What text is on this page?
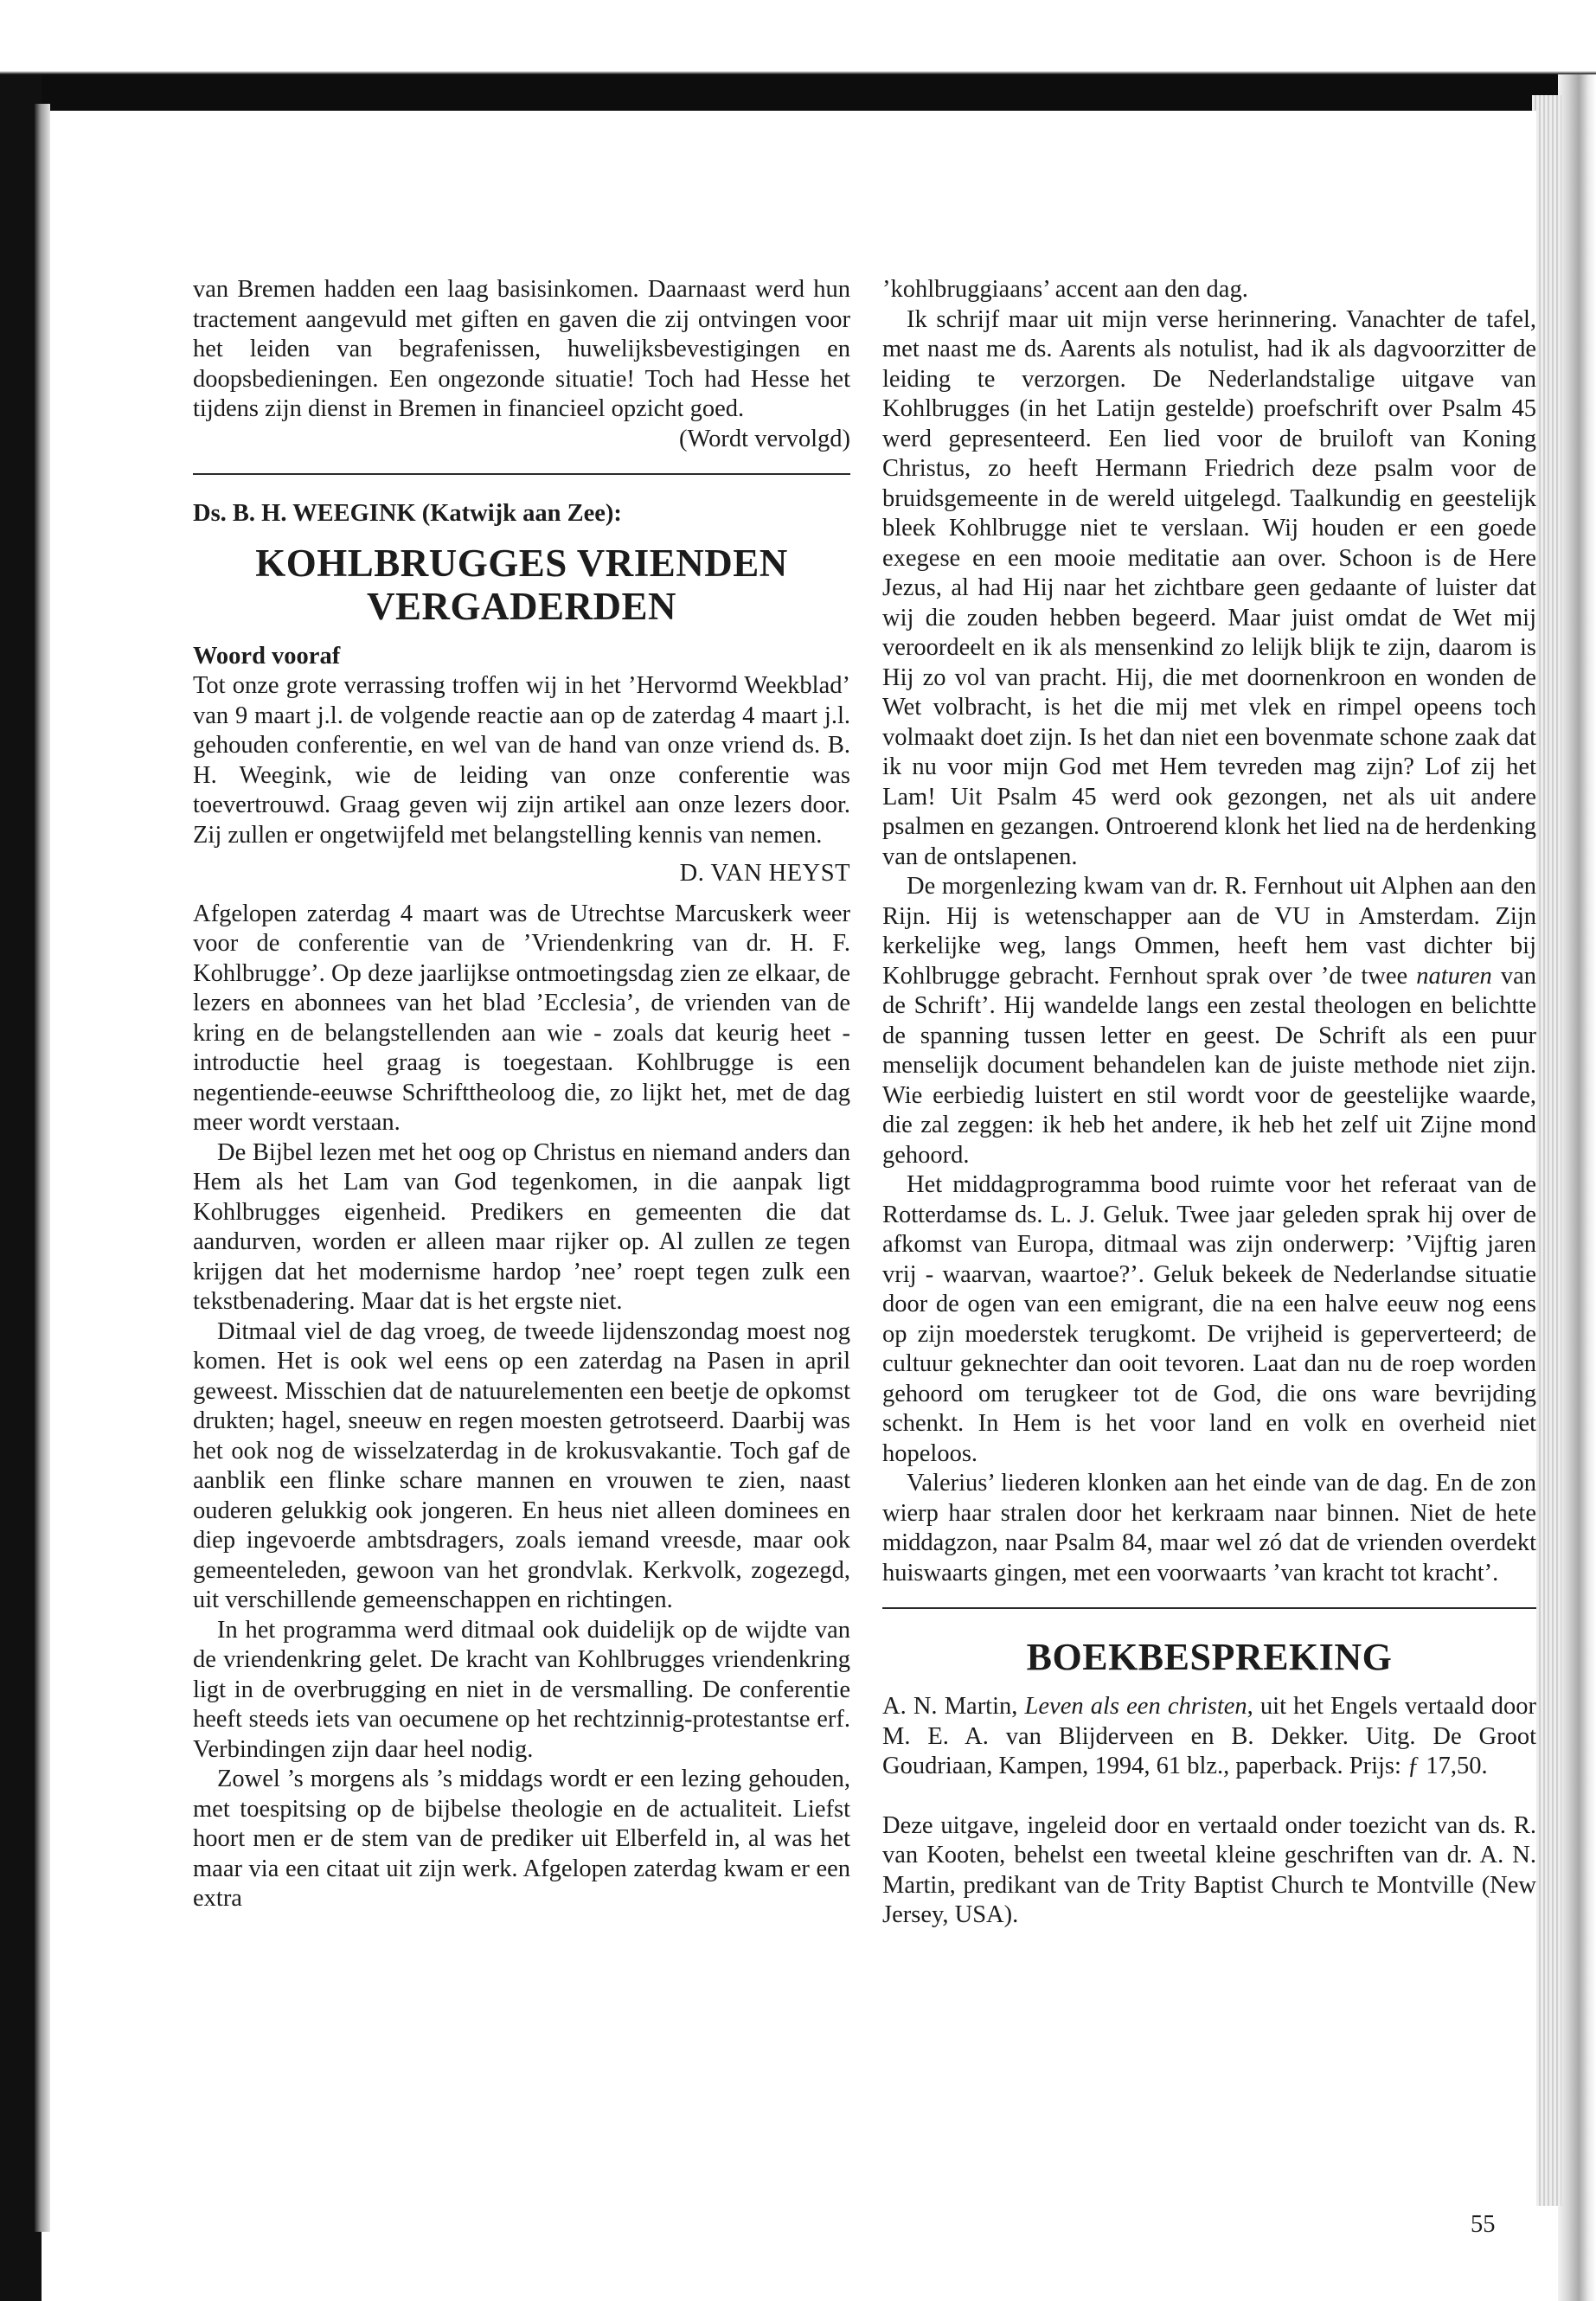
van Bremen hadden een laag basisinkomen. Daarnaast werd hun tractement aangevuld met giften en gaven die zij ontvingen voor het leiden van begrafenissen, huwelijksbevestigingen en doopsbedieningen. Een ongezonde situatie! Toch had Hesse het tijdens zijn dienst in Bremen in financieel opzicht goed.

(Wordt vervolgd)

Ds. B. H. WEEGINK (Katwijk aan Zee):

KOHLBRUGGES VRIENDEN VERGADERDEN

Woord vooraf

Tot onze grote verrassing troffen wij in het ’Hervormd Weekblad’ van 9 maart j.l. de volgende reactie aan op de zaterdag 4 maart j.l. gehouden conferentie, en wel van de hand van onze vriend ds. B. H. Weegink, wie de leiding van onze conferentie was toevertrouwd. Graag geven wij zijn artikel aan onze lezers door. Zij zullen er ongetwijfeld met belangstelling kennis van nemen.

D. VAN HEYST

Afgelopen zaterdag 4 maart was de Utrechtse Marcuskerk weer voor de conferentie van de ’Vriendenkring van dr. H. F. Kohlbrugge’. Op deze jaarlijkse ontmoetingsdag zien ze elkaar, de lezers en abonnees van het blad ’Ecclesia’, de vrienden van de kring en de belangstellenden aan wie - zoals dat keurig heet - introductie heel graag is toegestaan. Kohlbrugge is een negentiende-eeuwse Schrifttheoloog die, zo lijkt het, met de dag meer wordt verstaan.

De Bijbel lezen met het oog op Christus en niemand anders dan Hem als het Lam van God tegenkomen, in die aanpak ligt Kohlbrugges eigenheid. Predikers en gemeenten die dat aandurven, worden er alleen maar rijker op. Al zullen ze tegen krijgen dat het modernisme hardop ’nee’ roept tegen zulk een tekstbenadering. Maar dat is het ergste niet.

Ditmaal viel de dag vroeg, de tweede lijdenszondag moest nog komen. Het is ook wel eens op een zaterdag na Pasen in april geweest. Misschien dat de natuurelementen een beetje de opkomst drukten; hagel, sneeuw en regen moesten getrotseerd. Daarbij was het ook nog de wisselzaterdag in de krokusvakantie. Toch gaf de aanblik een flinke schare mannen en vrouwen te zien, naast ouderen gelukkig ook jongeren. En heus niet alleen dominees en diep ingevoerde ambtsdragers, zoals iemand vreesde, maar ook gemeenteleden, gewoon van het grondvlak. Kerkvolk, zogezegd, uit verschillende gemeenschappen en richtingen.

In het programma werd ditmaal ook duidelijk op de wijdte van de vriendenkring gelet. De kracht van Kohlbrugges vriendenkring ligt in de overbrugging en niet in de versmalling. De conferentie heeft steeds iets van oecumene op het rechtzinnig-protestantse erf. Verbindingen zijn daar heel nodig.

Zowel ’s morgens als ’s middags wordt er een lezing gehouden, met toespitsing op de bijbelse theologie en de actualiteit. Liefst hoort men er de stem van de prediker uit Elberfeld in, al was het maar via een citaat uit zijn werk. Afgelopen zaterdag kwam er een extra

’kohlbruggiaans’ accent aan den dag.

Ik schrijf maar uit mijn verse herinnering. Vanachter de tafel, met naast me ds. Aarents als notulist, had ik als dagvoorzitter de leiding te verzorgen. De Nederlandstalige uitgave van Kohlbrugges (in het Latijn gestelde) proefschrift over Psalm 45 werd gepresenteerd. Een lied voor de bruiloft van Koning Christus, zo heeft Hermann Friedrich deze psalm voor de bruidsgemeente in de wereld uitgelegd. Taalkundig en geestelijk bleek Kohlbrugge niet te verslaan. Wij houden er een goede exegese en een mooie meditatie aan over. Schoon is de Here Jezus, al had Hij naar het zichtbare geen gedaante of luister dat wij die zouden hebben begeerd. Maar juist omdat de Wet mij veroordeelt en ik als mensenkind zo lelijk blijk te zijn, daarom is Hij zo vol van pracht. Hij, die met doornenkroon en wonden de Wet volbracht, is het die mij met vlek en rimpel opeens toch volmaakt doet zijn. Is het dan niet een bovenmate schone zaak dat ik nu voor mijn God met Hem tevreden mag zijn? Lof zij het Lam! Uit Psalm 45 werd ook gezongen, net als uit andere psalmen en gezangen. Ontroerend klonk het lied na de herdenking van de ontslapenen.

De morgenlezing kwam van dr. R. Fernhout uit Alphen aan den Rijn. Hij is wetenschapper aan de VU in Amsterdam. Zijn kerkelijke weg, langs Ommen, heeft hem vast dichter bij Kohlbrugge gebracht. Fernhout sprak over ’de twee naturen van de Schrift’. Hij wandelde langs een zestal theologen en belichtte de spanning tussen letter en geest. De Schrift als een puur menselijk document behandelen kan de juiste methode niet zijn. Wie eerbiedig luistert en stil wordt voor de geestelijke waarde, die zal zeggen: ik heb het andere, ik heb het zelf uit Zijne mond gehoord.

Het middagprogramma bood ruimte voor het referaat van de Rotterdamse ds. L. J. Geluk. Twee jaar geleden sprak hij over de afkomst van Europa, ditmaal was zijn onderwerp: ’Vijftig jaren vrij - waarvan, waartoe?’. Geluk bekeek de Nederlandse situatie door de ogen van een emigrant, die na een halve eeuw nog eens op zijn moederstek terugkomt. De vrijheid is geperverteerd; de cultuur geknechter dan ooit tevoren. Laat dan nu de roep worden gehoord om terugkeer tot de God, die ons ware bevrijding schenkt. In Hem is het voor land en volk en overheid niet hopeloos.

Valerius’ liederen klonken aan het einde van de dag. En de zon wierp haar stralen door het kerkraam naar binnen. Niet de hete middagzon, naar Psalm 84, maar wel zó dat de vrienden overdekt huiswaarts gingen, met een voorwaarts ’van kracht tot kracht’.

BOEKBESPREKING

A. N. Martin, Leven als een christen, uit het Engels vertaald door M. E. A. van Blijderveen en B. Dekker. Uitg. De Groot Goudriaan, Kampen, 1994, 61 blz., paperback. Prijs: ƒ 17,50.

Deze uitgave, ingeleid door en vertaald onder toezicht van ds. R. van Kooten, behelst een tweetal kleine geschriften van dr. A. N. Martin, predikant van de Trity Baptist Church te Montville (New Jersey, USA).

55
